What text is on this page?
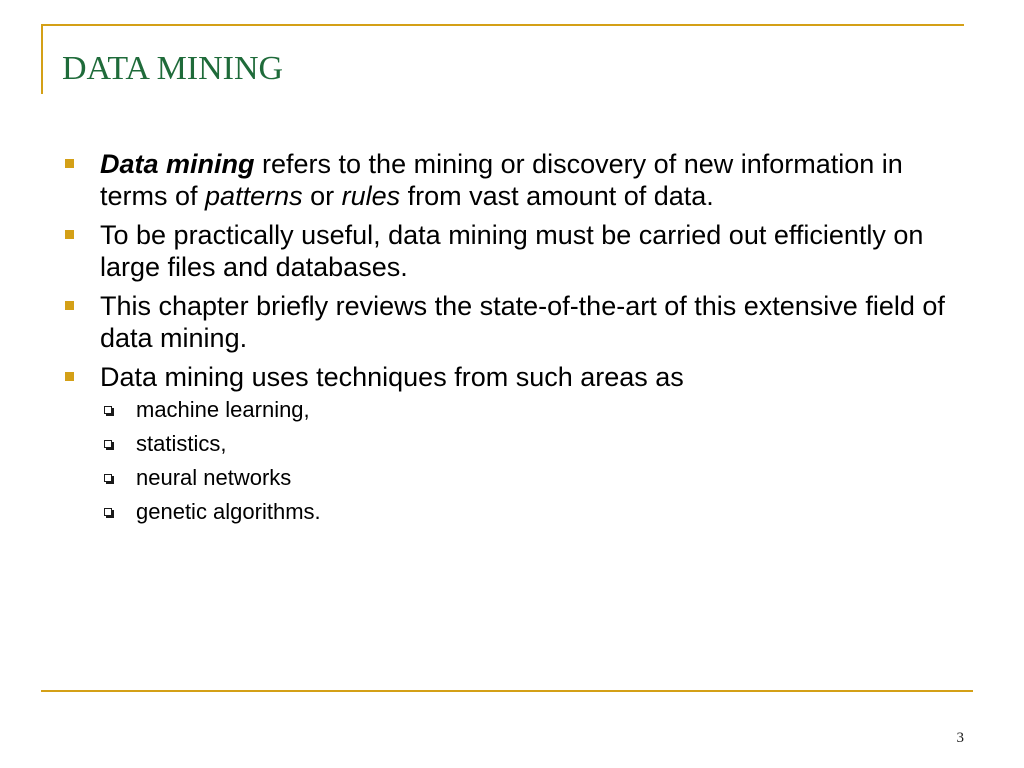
DATA MINING
Data mining refers to the mining or discovery of new information in terms of patterns or rules from vast amount of data.
To be practically useful, data mining must be carried out efficiently on large files and databases.
This chapter briefly reviews the state-of-the-art of this extensive field of data mining.
Data mining uses techniques from such areas as
machine learning,
statistics,
neural networks
genetic algorithms.
3
